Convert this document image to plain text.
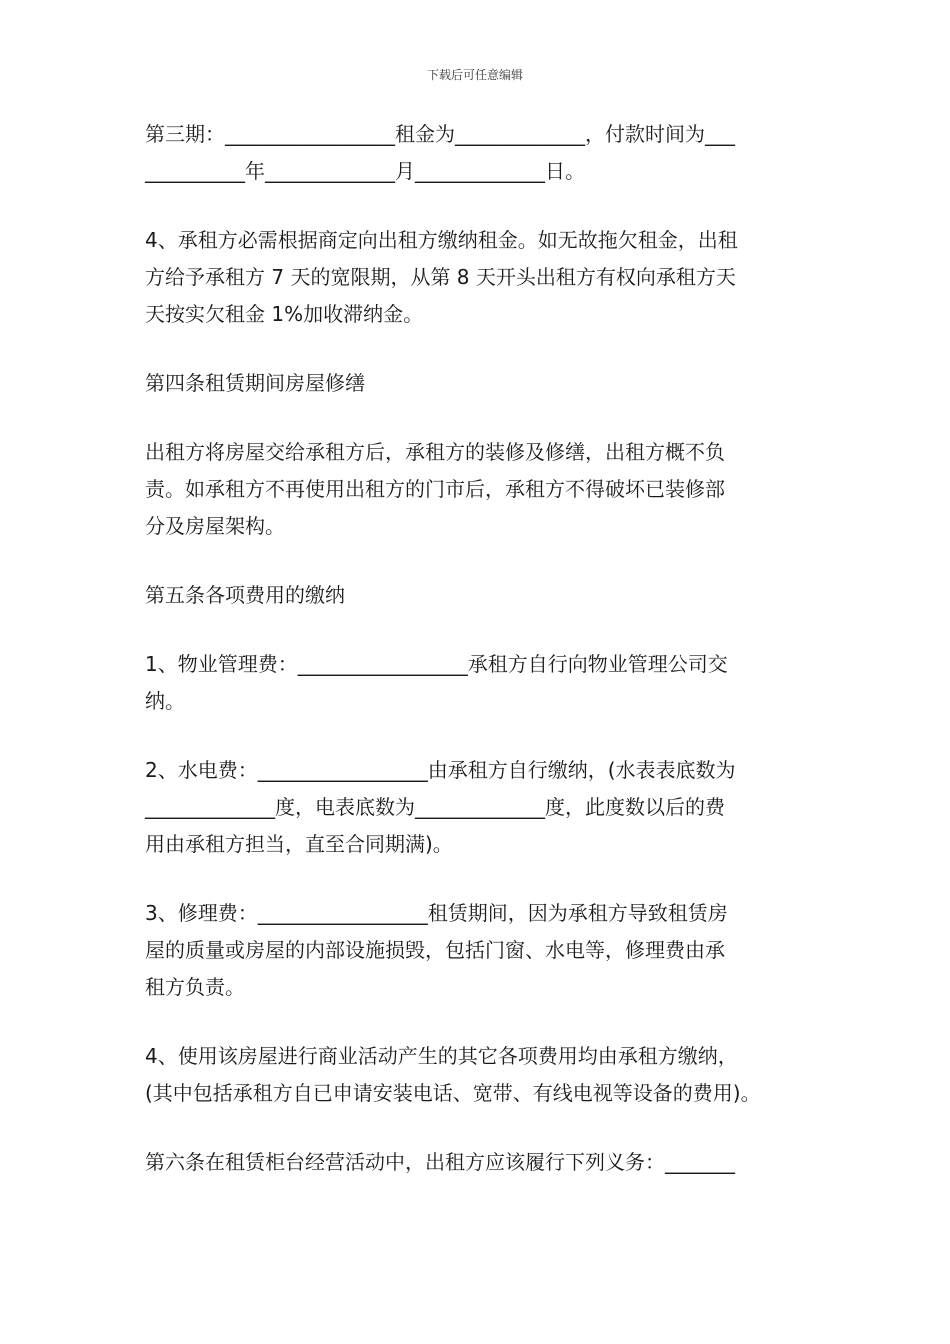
下载后可任意编辑
第三期：_________________租金为_____________，付款时间为___
__________年_____________月_____________日。
4、承租方必需根据商定向出租方缴纳租金。如无故拖欠租金，出租
方给予承租方 7 天的宽限期，从第 8 天开头出租方有权向承租方天
天按实欠租金 1%加收滞纳金。
第四条租赁期间房屋修缮
出租方将房屋交给承租方后，承租方的装修及修缮，出租方概不负
责。如承租方不再使用出租方的门市后，承租方不得破坏已装修部
分及房屋架构。
第五条各项费用的缴纳
1、物业管理费：_________________承租方自行向物业管理公司交
纳。
2、水电费：_________________由承租方自行缴纳，(水表表底数为
_____________度，电表底数为_____________度，此度数以后的费
用由承租方担当，直至合同期满)。
3、修理费：_________________租赁期间，因为承租方导致租赁房
屋的质量或房屋的内部设施损毁，包括门窗、水电等，修理费由承
租方负责。
4、使用该房屋进行商业活动产生的其它各项费用均由承租方缴纳，
(其中包括承租方自已申请安装电话、宽带、有线电视等设备的费用)。
第六条在租赁柜台经营活动中，出租方应该履行下列义务：_______
